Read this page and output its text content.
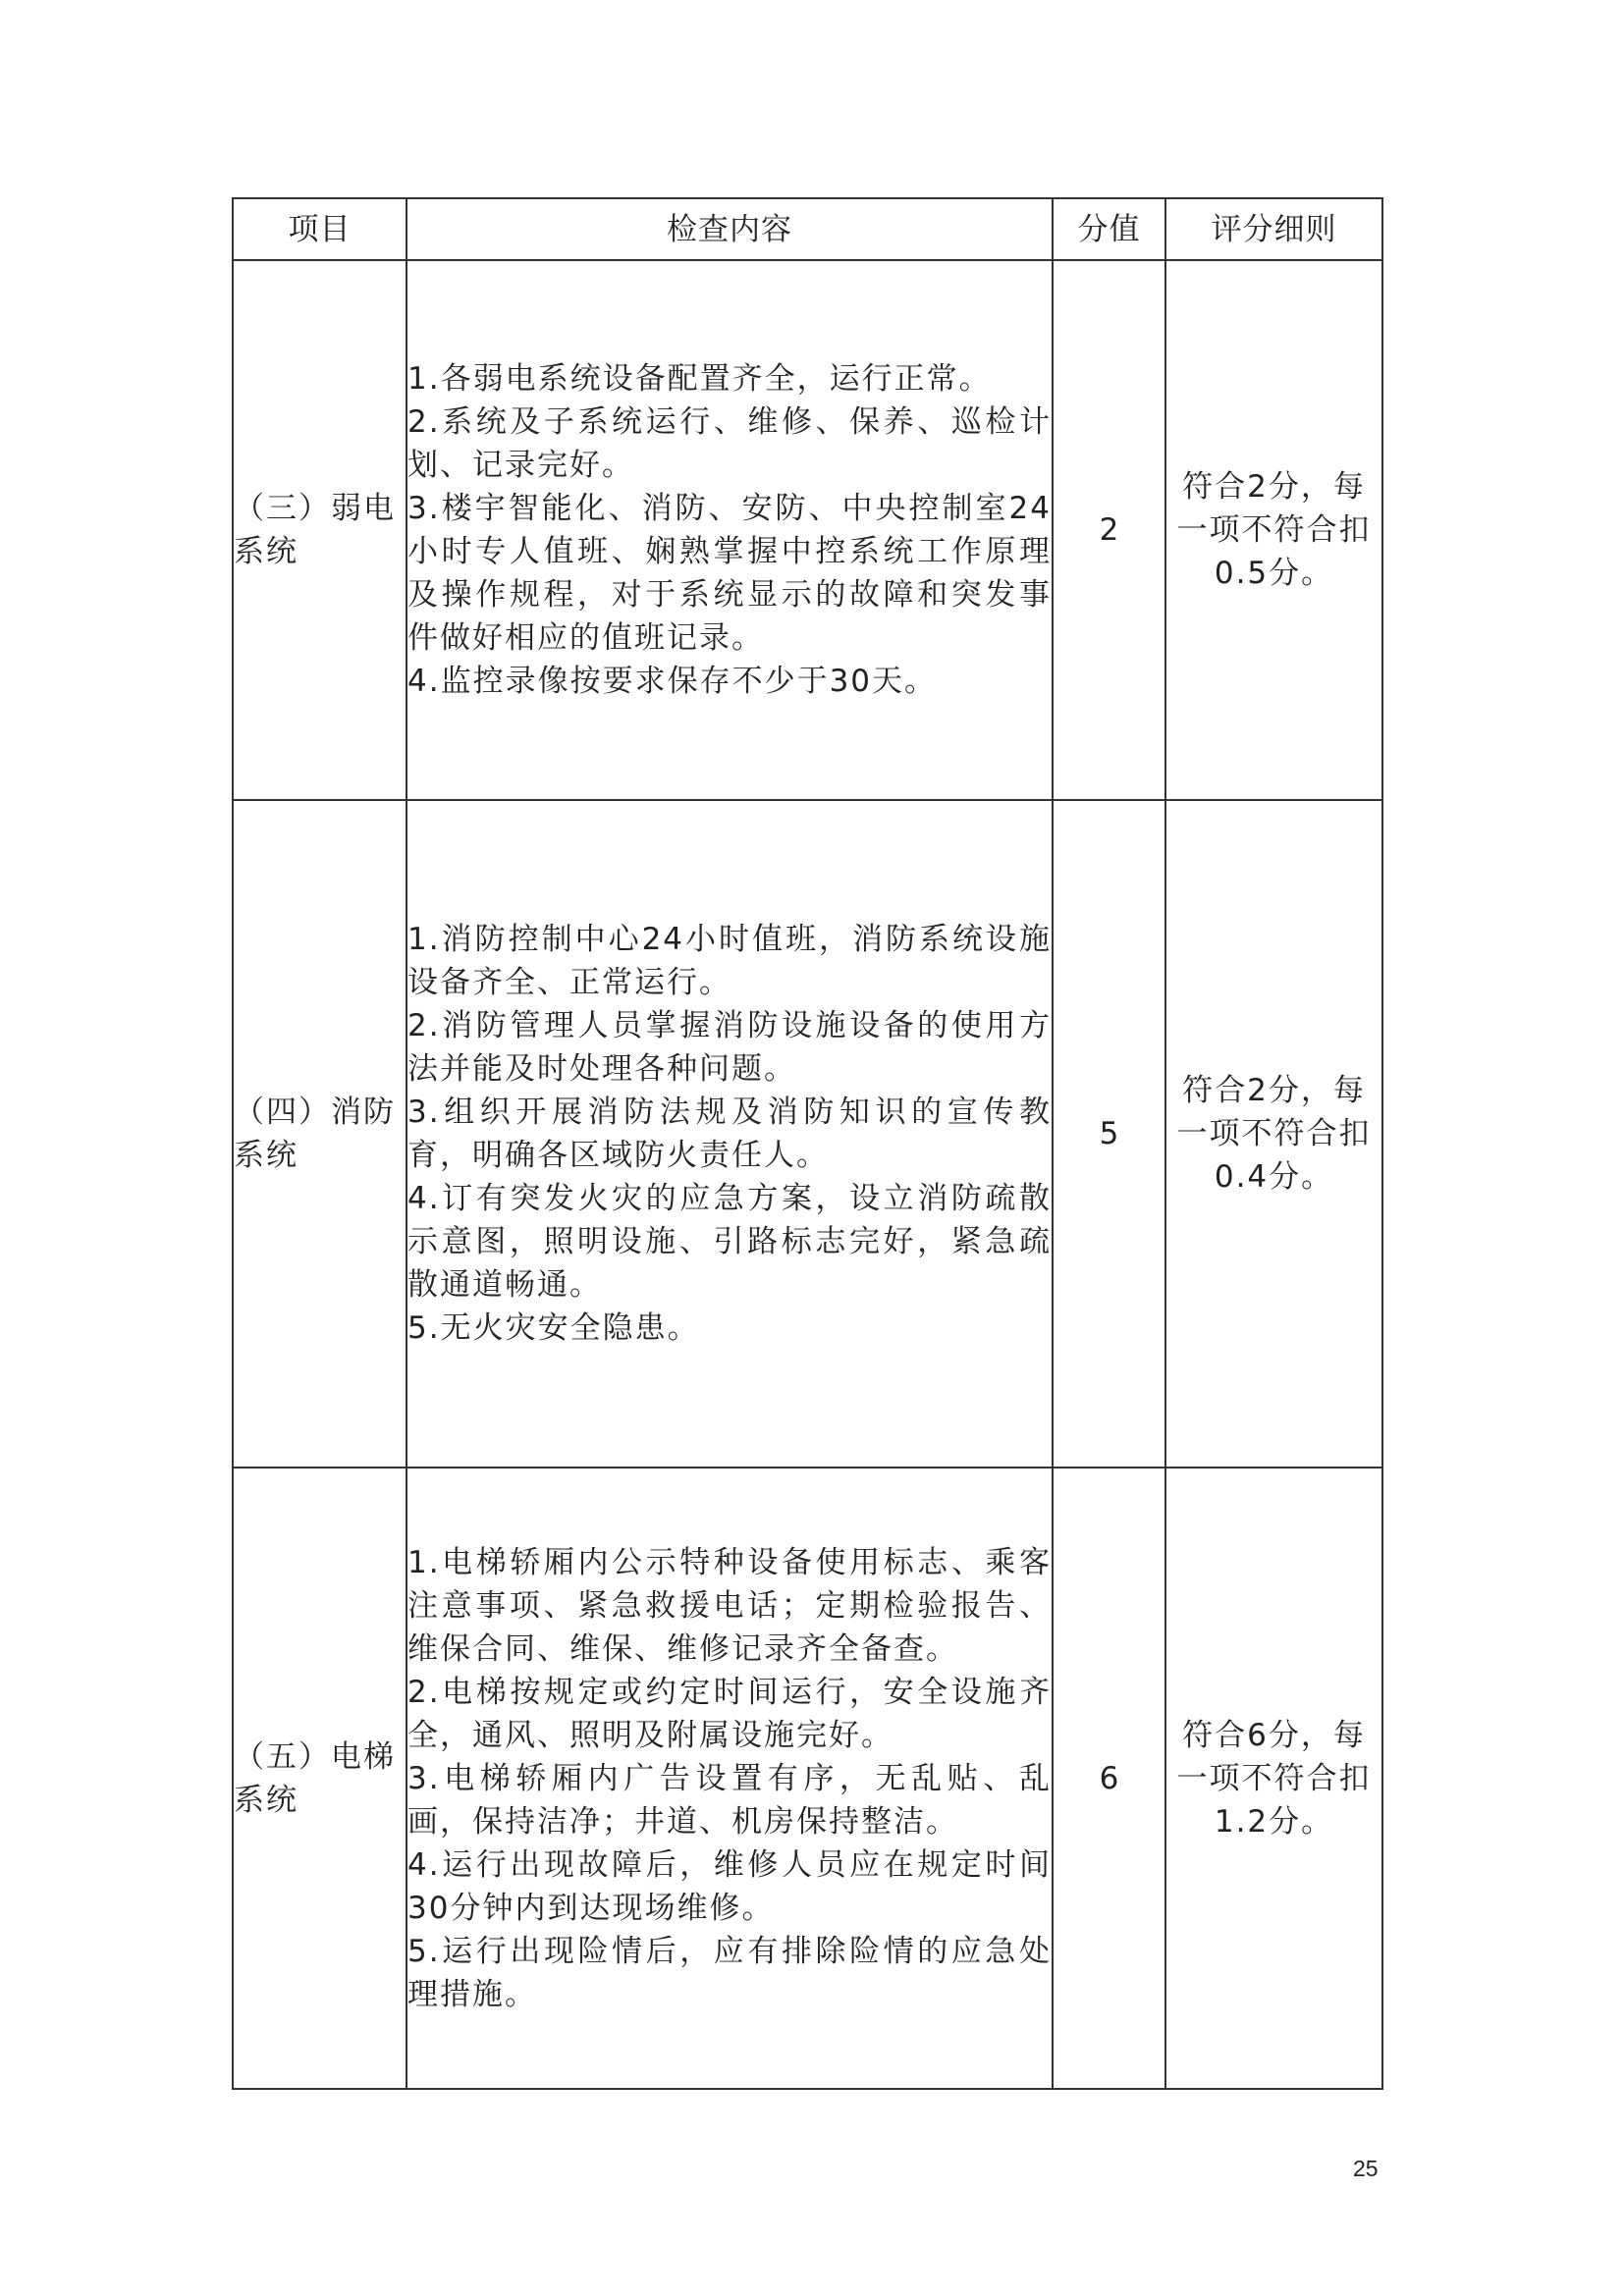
项目	检查内容	分值	评分细则
（三）弱电系统	1.各弱电系统设备配置齐全，运行正常。
2.系统及子系统运行、维修、保养、巡检计划、记录完好。
3.楼宇智能化、消防、安防、中央控制室24小时专人值班、娴熟掌握中控系统工作原理及操作规程，对于系统显示的故障和突发事件做好相应的值班记录。
4.监控录像按要求保存不少于30天。	2	符合2分，每一项不符合扣0.5分。
（四）消防系统	1.消防控制中心24小时值班，消防系统设施设备齐全、正常运行。
2.消防管理人员掌握消防设施设备的使用方法并能及时处理各种问题。
3.组织开展消防法规及消防知识的宣传教育，明确各区域防火责任人。
4.订有突发火灾的应急方案，设立消防疏散示意图，照明设施、引路标志完好，紧急疏散通道畅通。
5.无火灾安全隐患。	5	符合2分，每一项不符合扣0.4分。
（五）电梯系统	1.电梯轿厢内公示特种设备使用标志、乘客注意事项、紧急救援电话；定期检验报告、维保合同、维保、维修记录齐全备查。
2.电梯按规定或约定时间运行，安全设施齐全，通风、照明及附属设施完好。
3.电梯轿厢内广告设置有序，无乱贴、乱画，保持洁净；井道、机房保持整洁。
4.运行出现故障后，维修人员应在规定时间30分钟内到达现场维修。
5.运行出现险情后，应有排除险情的应急处理措施。	6	符合6分，每一项不符合扣1.2分。
25
